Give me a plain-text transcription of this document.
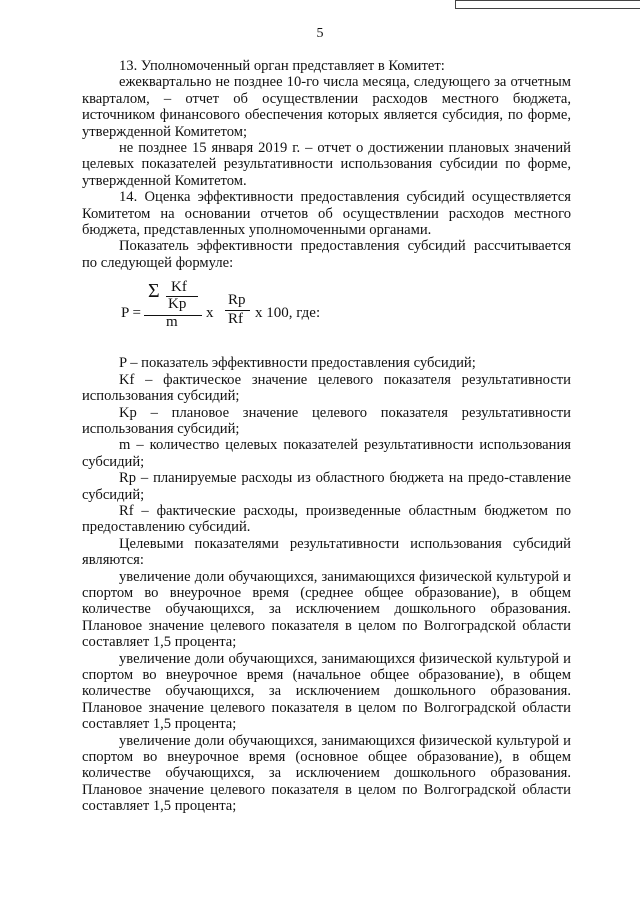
5

13. Уполномоченный орган представляет в Комитет:

ежеквартально не позднее 10-го числа месяца, следующего за отчетным кварталом, – отчет об осуществлении расходов местного бюджета, источником финансового обеспечения которых является субсидия, по форме, утвержденной Комитетом;

не позднее 15 января 2019 г. – отчет о достижении плановых значений целевых показателей результативности использования субсидии по форме, утвержденной Комитетом.

14. Оценка эффективности предоставления субсидий осуществляется Комитетом на основании отчетов об осуществлении расходов местного бюджета, представленных уполномоченными органами.

Показатель эффективности предоставления субсидий рассчитывается по следующей формуле:

P =
Σ Kf
Kp
m
x
Rp
Rf x 100, где:

P – показатель эффективности предоставления субсидий;

Kf – фактическое значение целевого показателя результативности использования субсидий;

Kp – плановое значение целевого показателя результативности использования субсидий;

m – количество целевых показателей результативности использования субсидий;

Rp – планируемые расходы из областного бюджета на предо-ставление субсидий;

Rf – фактические расходы, произведенные областным бюджетом по предоставлению субсидий.

Целевыми показателями результативности использования субсидий являются:

увеличение доли обучающихся, занимающихся физической культурой и спортом во внеурочное время (среднее общее образование), в общем количестве обучающихся, за исключением дошкольного образования. Плановое значение целевого показателя в целом по Волгоградской области составляет 1,5 процента;

увеличение доли обучающихся, занимающихся физической культурой и спортом во внеурочное время (начальное общее образование), в общем количестве обучающихся, за исключением дошкольного образования. Плановое значение целевого показателя в целом по Волгоградской области составляет 1,5 процента;

увеличение доли обучающихся, занимающихся физической культурой и спортом во внеурочное время (основное общее образование), в общем количестве обучающихся, за исключением дошкольного образования. Плановое значение целевого показателя в целом по Волгоградской области составляет 1,5 процента;
